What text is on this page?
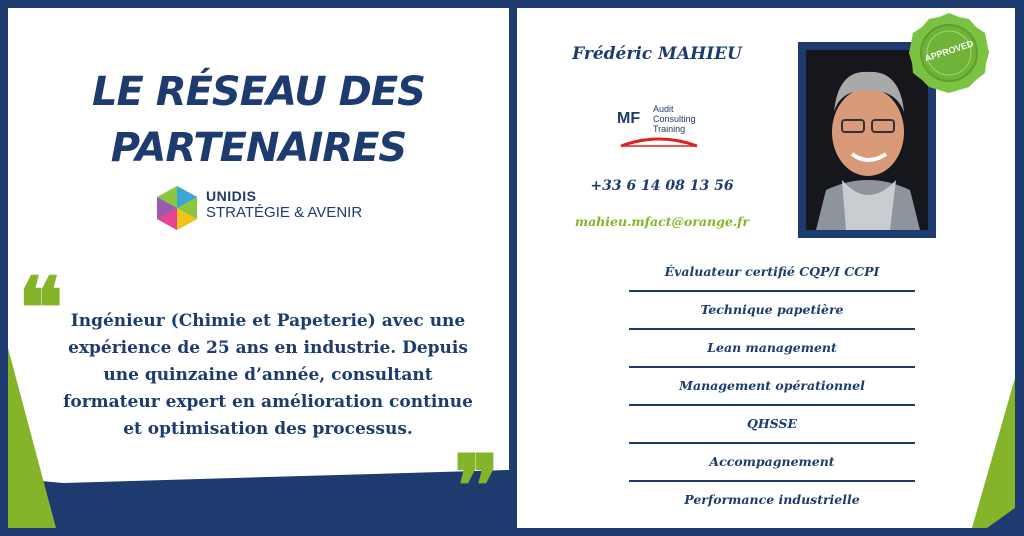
LE RÉSEAU DES
PARTENAIRES
UNIDIS
STRATÉGIE & AVENIR
❝ Ingénieur (Chimie et Papeterie) avec une expérience de 25 ans en industrie. Depuis une quinzaine d’année, consultant formateur expert en amélioration continue et optimisation des processus.
❞
Frédéric MAHIEU
MF
Audit
Consulting
Training
+33 6 14 08 13 56
mahieu.mfact@orange.fr
APPROVED
Évaluateur certifié CQP/I CCPI
Technique papetière
Lean management
Management opérationnel
QHSSE
Accompagnement
Performance industrielle
